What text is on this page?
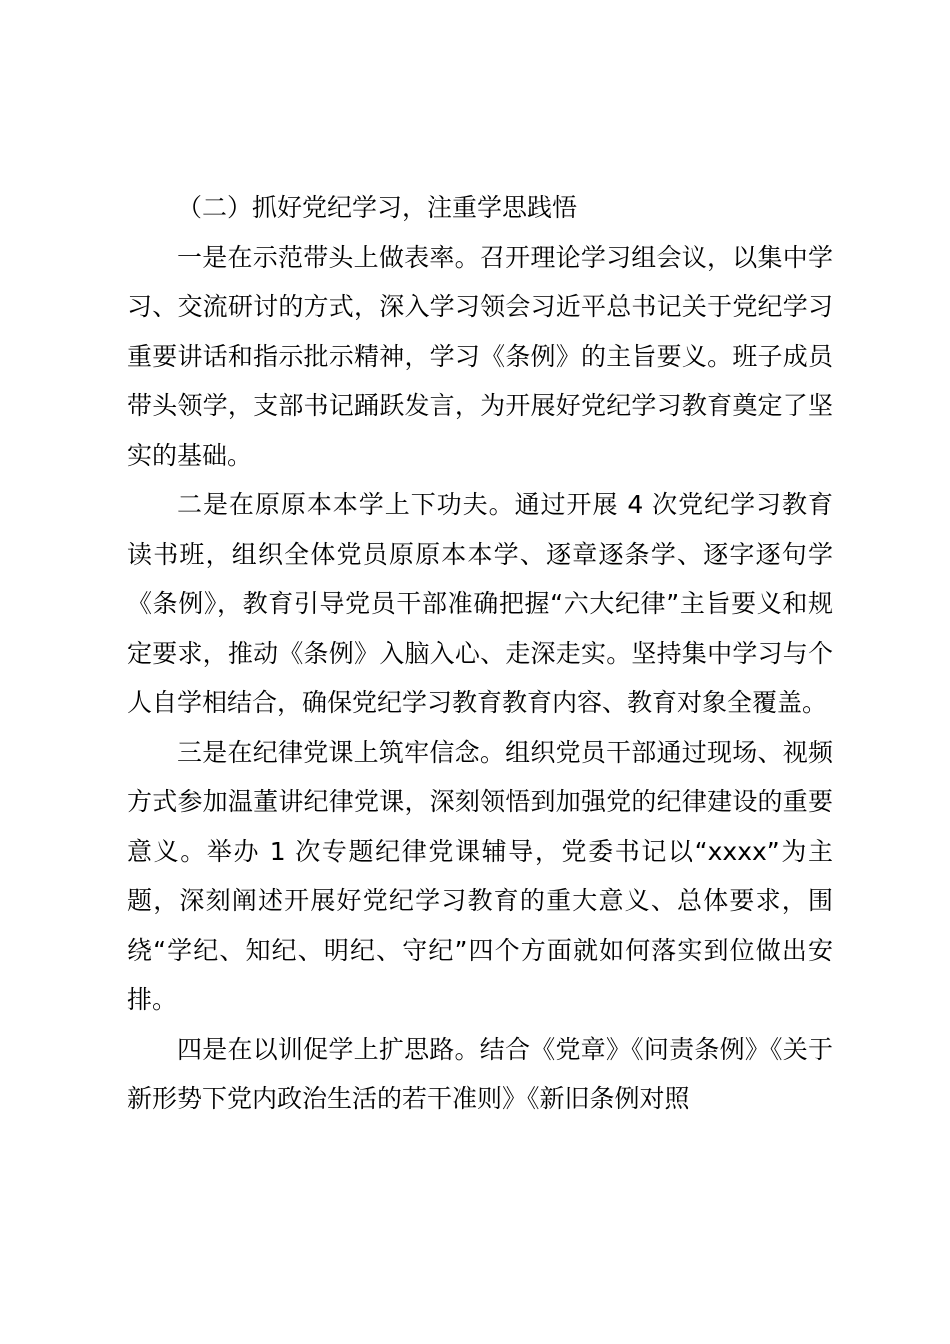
（二）抓好党纪学习，注重学思践悟

一是在示范带头上做表率。召开理论学习组会议，以集中学习、交流研讨的方式，深入学习领会习近平总书记关于党纪学习重要讲话和指示批示精神，学习《条例》的主旨要义。班子成员带头领学，支部书记踊跃发言，为开展好党纪学习教育奠定了坚实的基础。

二是在原原本本学上下功夫。通过开展 4 次党纪学习教育读书班，组织全体党员原原本本学、逐章逐条学、逐字逐句学《条例》，教育引导党员干部准确把握“六大纪律”主旨要义和规定要求，推动《条例》入脑入心、走深走实。坚持集中学习与个人自学相结合，确保党纪学习教育教育内容、教育对象全覆盖。

三是在纪律党课上筑牢信念。组织党员干部通过现场、视频方式参加温董讲纪律党课，深刻领悟到加强党的纪律建设的重要意义。举办 1 次专题纪律党课辅导，党委书记以“xxxx”为主题，深刻阐述开展好党纪学习教育的重大意义、总体要求，围绕“学纪、知纪、明纪、守纪”四个方面就如何落实到位做出安排。

四是在以训促学上扩思路。结合《党章》《问责条例》《关于新形势下党内政治生活的若干准则》《新旧条例对照
